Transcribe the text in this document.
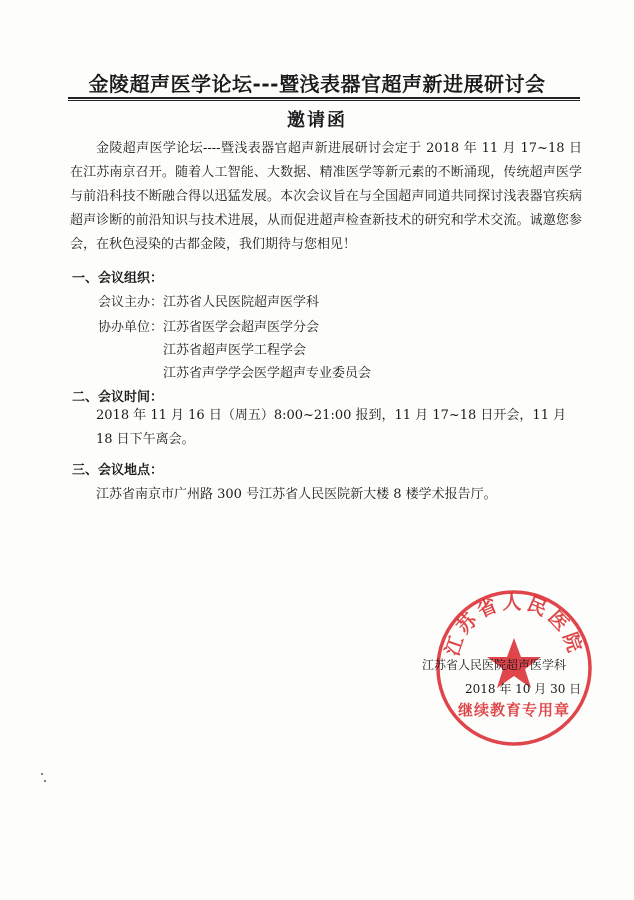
金陵超声医学论坛---暨浅表器官超声新进展研讨会
邀请函
金陵超声医学论坛----暨浅表器官超声新进展研讨会定于 2018 年 11 月 17~18 日在江苏南京召开。随着人工智能、大数据、精准医学等新元素的不断涌现，传统超声医学与前沿科技不断融合得以迅猛发展。本次会议旨在与全国超声同道共同探讨浅表器官疾病超声诊断的前沿知识与技术进展，从而促进超声检查新技术的研究和学术交流。诚邀您参会，在秋色浸染的古都金陵，我们期待与您相见！
一、会议组织：
会议主办：江苏省人民医院超声医学科
协办单位：江苏省医学会超声医学分会
江苏省超声医学工程学会
江苏省声学学会医学超声专业委员会
二、会议时间：
2018 年 11 月 16 日（周五）8:00~21:00 报到，11 月 17~18 日开会，11 月 18 日下午离会。
三、会议地点：
江苏省南京市广州路 300 号江苏省人民医院新大楼 8 楼学术报告厅。
江苏省人民医院
继续教育专用章
江苏省人民医院超声医学科
2018 年 10 月 30 日
